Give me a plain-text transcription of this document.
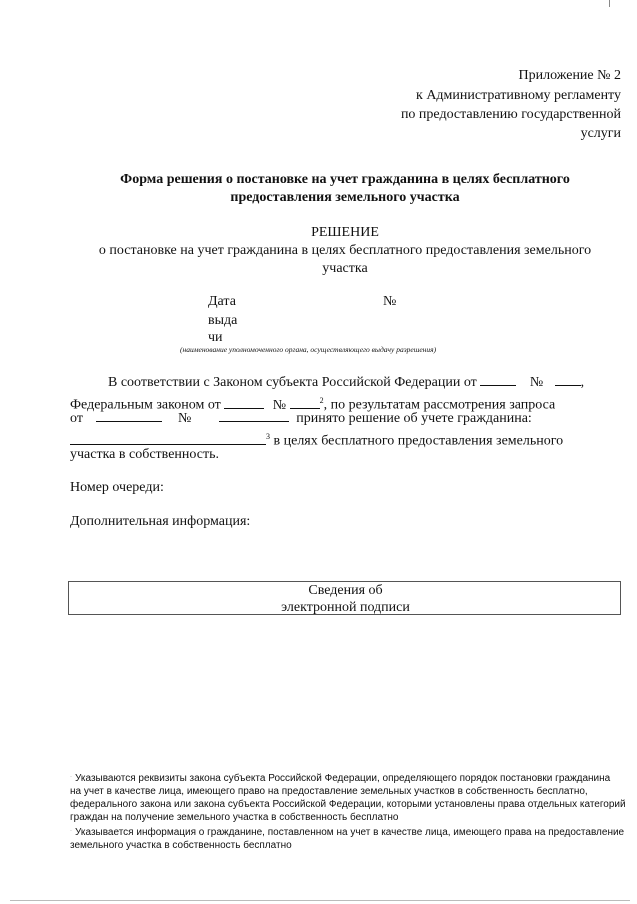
Приложение № 2
к Административному регламенту
по предоставлению государственной
услуги
Форма решения о постановке на учет гражданина в целях бесплатного
предоставления земельного участка
РЕШЕНИЕ
о постановке на учет гражданина в целях бесплатного предоставления земельного
участка
Дата
выда
чи
№
(наименование уполномоченного органа, осуществляющего выдачу разрешения)
В соответствии с Законом субъекта Российской Федерации от	№	,
Федеральным законом от	№	$^2$, по результатам рассмотрения запроса
от	№	принято решение об учете гражданина:
$^3$ в целях бесплатного предоставления земельного
участка в собственность.
Номер очереди:
Дополнительная информация:
Сведения об
электронной подписи
· Указываются реквизиты закона субъекта Российской Федерации, определяющего порядок постановки гражданина
на учет в качестве лица, имеющего право на предоставление земельных участков в собственность бесплатно,
федерального закона или закона субъекта Российской Федерации, которыми установлены права отдельных категорий
граждан на получение земельного участка в собственность бесплатно
· Указывается информация о гражданине, поставленном на учет в качестве лица, имеющего права на предоставление
земельного участка в собственность бесплатно
